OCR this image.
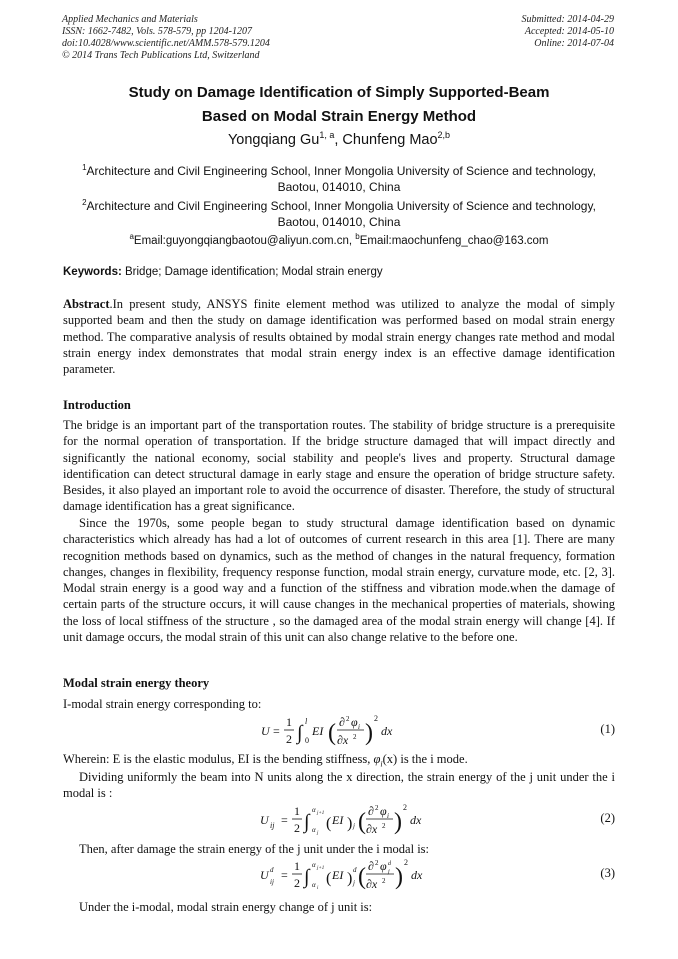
Applied Mechanics and Materials
ISSN: 1662-7482, Vols. 578-579, pp 1204-1207
doi:10.4028/www.scientific.net/AMM.578-579.1204
© 2014 Trans Tech Publications Ltd, Switzerland
Submitted: 2014-04-29
Accepted: 2014-05-10
Online: 2014-07-04
Study on Damage Identification of Simply Supported-Beam
Based on Modal Strain Energy Method
Yongqiang Gu$^{1, a}$, Chunfeng Mao$^{2,b}$
$^1$Architecture and Civil Engineering School, Inner Mongolia University of Science and technology,
Baotou, 014010, China
$^2$Architecture and Civil Engineering School, Inner Mongolia University of Science and technology,
Baotou, 014010, China
$^a$Email:guyongqiangbaotou@aliyun.com.cn, $^b$Email:maochunfeng_chao@163.com
Keywords: Bridge; Damage identification; Modal strain energy
Abstract.In present study, ANSYS finite element method was utilized to analyze the modal of simply supported beam and then the study on damage identification was performed based on modal strain energy method. The comparative analysis of results obtained by modal strain energy changes rate method and modal strain energy index demonstrates that modal strain energy index is an effective damage identification parameter.
Introduction
The bridge is an important part of the transportation routes. The stability of bridge structure is a prerequisite for the normal operation of transportation. If the bridge structure damaged that will impact directly and significantly the national economy, social stability and people's lives and property. Structural damage identification can detect structural damage in early stage and ensure the operation of bridge structure safety. Besides, it also played an important role to avoid the occurrence of disaster. Therefore, the study of structural damage identification has a great significance.
Since the 1970s, some people began to study structural damage identification based on dynamic characteristics which already has had a lot of outcomes of current research in this area [1]. There are many recognition methods based on dynamics, such as the method of changes in the natural frequency, formation changes, changes in flexibility, frequency response function, modal strain energy, curvature mode, etc. [2, 3]. Modal strain energy is a good way and a function of the stiffness and vibration mode.when the damage of certain parts of the structure occurs, it will cause changes in the mechanical properties of materials, showing the loss of local stiffness of the structure , so the damaged area of the modal strain energy will change [4]. If unit damage occurs, the modal strain of this unit can also change relative to the before one.
Modal strain energy theory
I-modal strain energy corresponding to:
U =
1
2 ∫
l
0
EI ( ∂ 2 φ i
∂x 2 )
2
dx	(1)
Wherein: E is the elastic modulus, EI is the bending stiffness, $\varphi_i(x)$ is the i mode.
Dividing uniformly the beam into N units along the x direction, the strain energy of the j unit under the i modal is :
U ij =
1
2 ∫
α j+1
α j
( EI ) j ( ∂ 2 φ i
∂x 2 )
2
dx	(2)
Then, after damage the strain energy of the j unit under the i modal is:
U d
ij =
1
2 ∫
α j+1
α i
( EI ) d
j ( ∂ 2 φ d
j
∂x 2 )
2
dx	(3)
Under the i-modal, modal strain energy change of j unit is:
